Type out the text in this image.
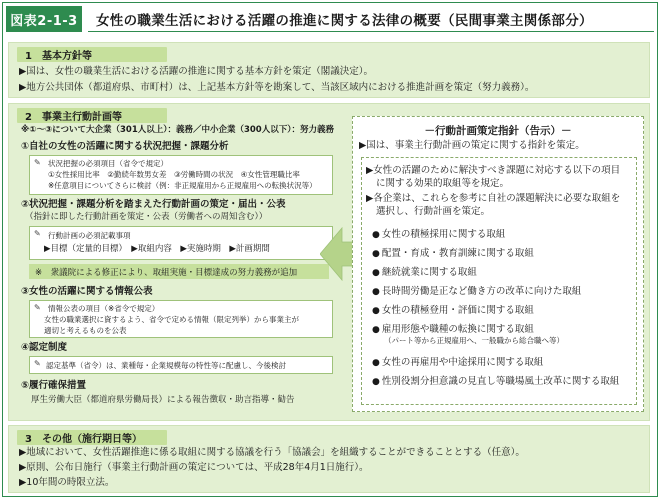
図表2-1-3	女性の職業生活における活躍の推進に関する法律の概要（民間事業主関係部分）
1　基本方針等
▶国は、女性の職業生活における活躍の推進に関する基本方針を策定（閣議決定）。
▶地方公共団体（都道府県、市町村）は、上記基本方針等を勘案して、当該区域内における推進計画を策定（努力義務）。
2　事業主行動計画等
※①～③について大企業（301人以上）：義務／中小企業（300人以下）：努力義務
①自社の女性の活躍に関する状況把握・課題分析
✎ 状況把握の必須項目（省令で規定）
①女性採用比率　②勤続年数男女差　③労働時間の状況　④女性管理職比率
※任意項目についてさらに検討（例：非正規雇用から正規雇用への転換状況等）
②状況把握・課題分析を踏まえた行動計画の策定・届出・公表
（指針に即した行動計画を策定・公表（労働者への周知含む））
✎ 行動計画の必須記載事項
▶目標（定量的目標）　▶取組内容　▶実施時期　▶計画期間
※　衆議院による修正により、取組実施・目標達成の努力義務が追加
③女性の活躍に関する情報公表
✎ 情報公表の項目（※省令で規定）
女性の職業選択に資するよう、省令で定める情報（限定列挙）から事業主が
適切と考えるものを公表
④認定制度
✎ 認定基準（省令）は、業種毎・企業規模毎の特性等に配慮し、今後検討
⑤履行確保措置
厚生労働大臣（都道府県労働局長）による報告徴収・助言指導・勧告
－行動計画策定指針（告示）－
▶国は、事業主行動計画の策定に関する指針を策定。
▶女性の活躍のために解決すべき課題に対応する以下の項目
に関する効果的取組等を規定。
▶各企業は、これらを参考に自社の課題解決に必要な取組を
選択し、行動計画を策定。
● 女性の積極採用に関する取組
● 配置・育成・教育訓練に関する取組
● 継続就業に関する取組
● 長時間労働是正など働き方の改革に向けた取組
● 女性の積極登用・評価に関する取組
● 雇用形態や職種の転換に関する取組
（パート等から正規雇用へ、一般職から総合職へ等）
● 女性の再雇用や中途採用に関する取組
● 性別役割分担意識の見直し等職場風土改革に関する取組
3　その他（施行期日等）
▶地域において、女性活躍推進に係る取組に関する協議を行う「協議会」を組織することができることとする（任意）。
▶原則、公布日施行（事業主行動計画の策定については、平成28年4月1日施行）。
▶10年間の時限立法。
